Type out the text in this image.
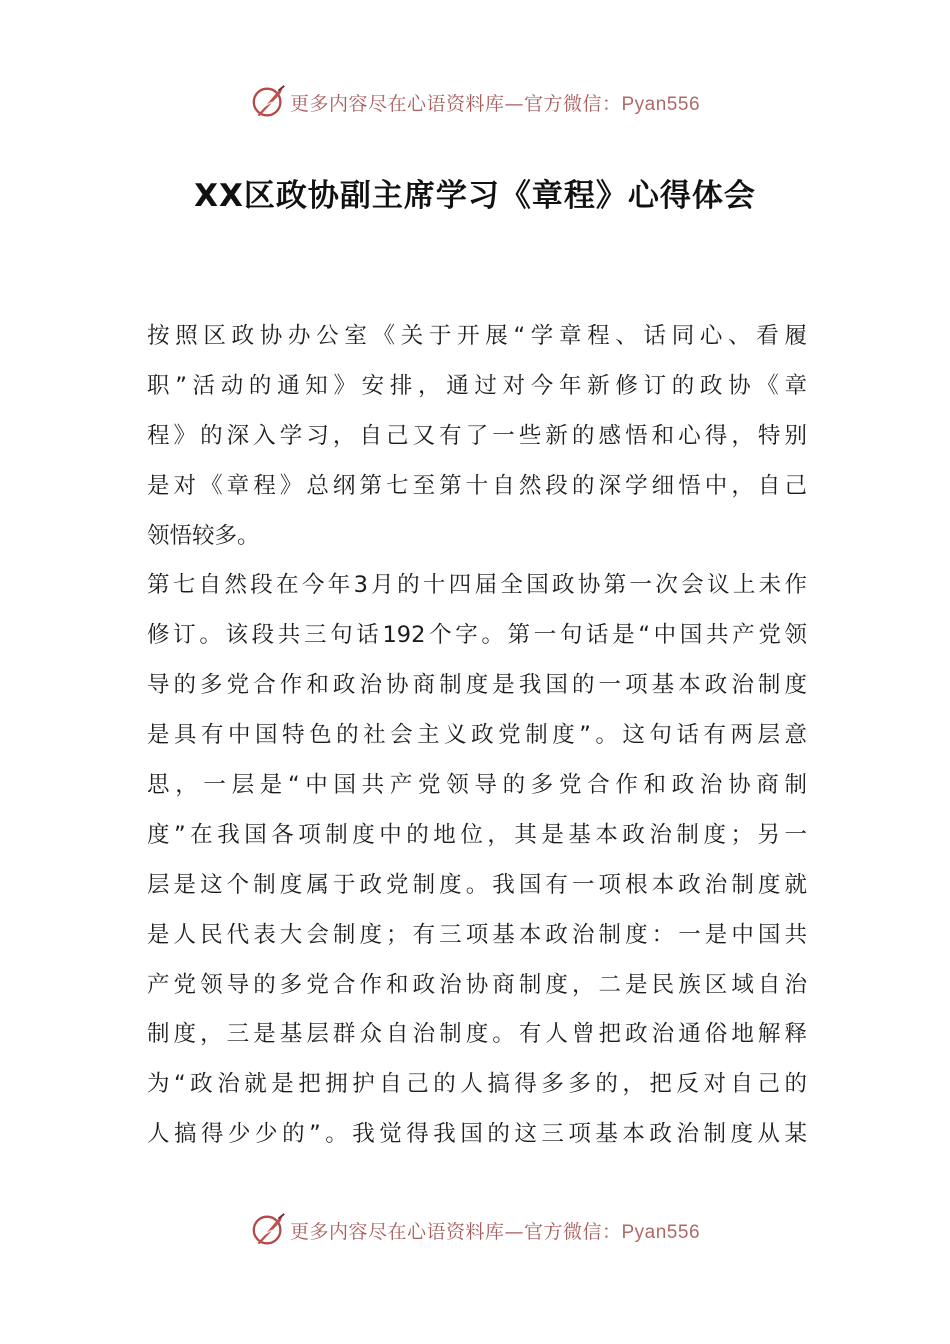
更多内容尽在心语资料库—官方微信：Pyan556
XX区政协副主席学习《章程》心得体会
按照区政协办公室《关于开展“学章程、话同心、看履
职”活动的通知》安排，通过对今年新修订的政协《章
程》的深入学习，自己又有了一些新的感悟和心得，特别
是对《章程》总纲第七至第十自然段的深学细悟中，自己
领悟较多。
第七自然段在今年3月的十四届全国政协第一次会议上未作
修订。该段共三句话192个字。第一句话是“中国共产党领
导的多党合作和政治协商制度是我国的一项基本政治制度
是具有中国特色的社会主义政党制度”。这句话有两层意
思，一层是“中国共产党领导的多党合作和政治协商制
度”在我国各项制度中的地位，其是基本政治制度；另一
层是这个制度属于政党制度。我国有一项根本政治制度就
是人民代表大会制度；有三项基本政治制度：一是中国共
产党领导的多党合作和政治协商制度，二是民族区域自治
制度，三是基层群众自治制度。有人曾把政治通俗地解释
为“政治就是把拥护自己的人搞得多多的，把反对自己的
人搞得少少的”。我觉得我国的这三项基本政治制度从某
更多内容尽在心语资料库—官方微信：Pyan556
